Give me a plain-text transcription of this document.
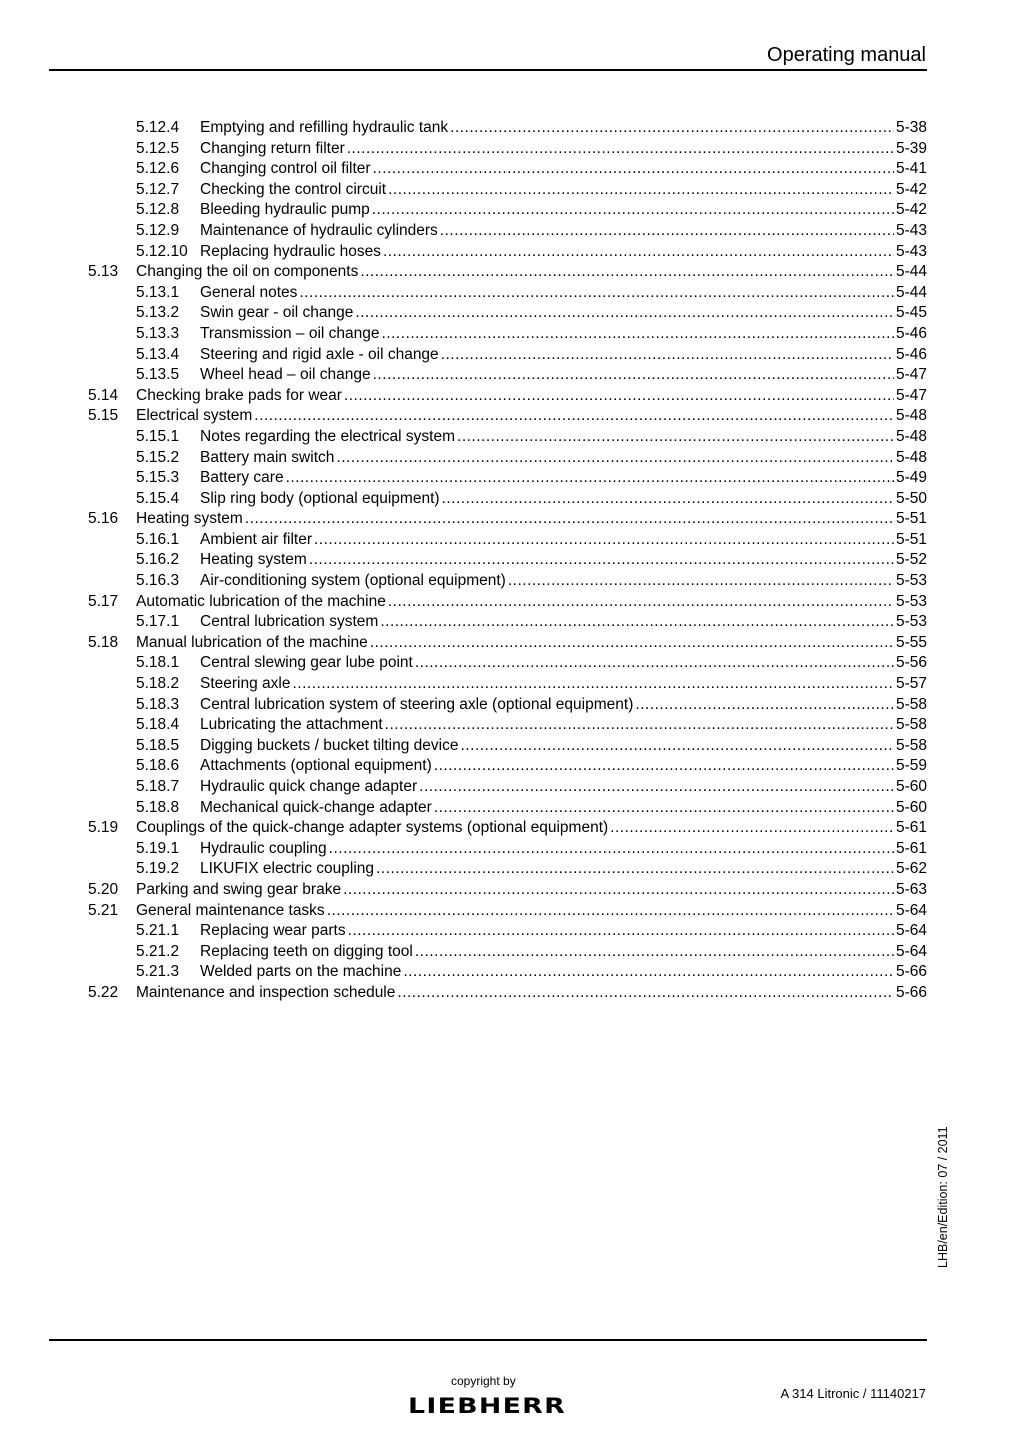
Operating manual
5.12.4	Emptying and refilling hydraulic tank .....	5-38
5.12.5	Changing return filter .....	5-39
5.12.6	Changing control oil filter .....	5-41
5.12.7	Checking the control circuit .....	5-42
5.12.8	Bleeding hydraulic pump .....	5-42
5.12.9	Maintenance of hydraulic cylinders .....	5-43
5.12.10 Replacing hydraulic hoses .....	5-43
5.13	Changing the oil on components .....	5-44
5.13.1	General notes .....	5-44
5.13.2	Swin gear - oil change .....	5-45
5.13.3	Transmission – oil change .....	5-46
5.13.4	Steering and rigid axle - oil change .....	5-46
5.13.5	Wheel head – oil change .....	5-47
5.14	Checking brake pads for wear .....	5-47
5.15	Electrical system .....	5-48
5.15.1	Notes regarding the electrical system .....	5-48
5.15.2	Battery main switch .....	5-48
5.15.3	Battery care .....	5-49
5.15.4	Slip ring body (optional equipment) .....	5-50
5.16	Heating system .....	5-51
5.16.1	Ambient air filter .....	5-51
5.16.2	Heating system .....	5-52
5.16.3	Air-conditioning system (optional equipment) .....	5-53
5.17	Automatic lubrication of the machine .....	5-53
5.17.1	Central lubrication system .....	5-53
5.18	Manual lubrication of the machine .....	5-55
5.18.1	Central slewing gear lube point .....	5-56
5.18.2	Steering axle .....	5-57
5.18.3	Central lubrication system of steering axle (optional equipment) .....	5-58
5.18.4	Lubricating the attachment .....	5-58
5.18.5	Digging buckets / bucket tilting device .....	5-58
5.18.6	Attachments (optional equipment) .....	5-59
5.18.7	Hydraulic quick change adapter .....	5-60
5.18.8	Mechanical quick-change adapter .....	5-60
5.19	Couplings of the quick-change adapter systems (optional equipment) .....	5-61
5.19.1	Hydraulic coupling .....	5-61
5.19.2	LIKUFIX electric coupling .....	5-62
5.20	Parking and swing gear brake .....	5-63
5.21	General maintenance tasks .....	5-64
5.21.1	Replacing wear parts .....	5-64
5.21.2	Replacing teeth on digging tool .....	5-64
5.21.3	Welded parts on the machine .....	5-66
5.22	Maintenance and inspection schedule .....	5-66
LHB/en/Edition: 07 / 2011
copyright by
LIEBHERR
A 314 Litronic / 11140217
